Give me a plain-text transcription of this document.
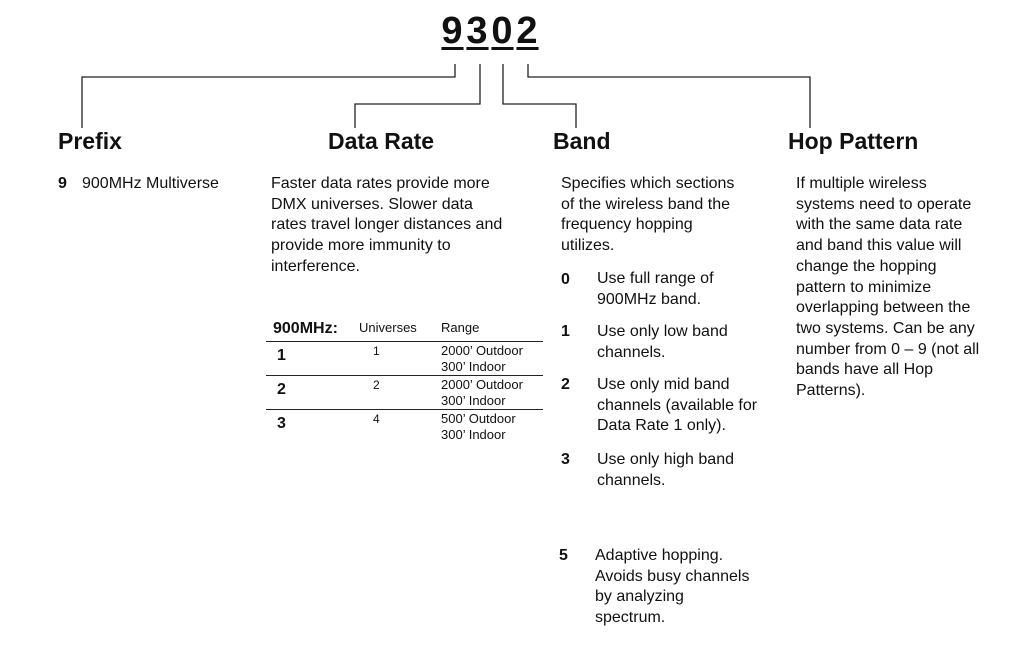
9302
Prefix	Data Rate	Band	Hop Pattern
9 900MHz Multiverse	Faster data rates provide more
DMX universes. Slower data
rates travel longer distances and
provide more immunity to
interference.
900MHz:	Universes	Range
1	1	2000’ Outdoor
300’ Indoor

2	2	2000’ Outdoor
300’ Indoor

3	4	500’ Outdoor
300’ Indoor
Specifies which sections
of the wireless band the
frequency hopping
utilizes.
0 Use full range of
900MHz band.
1 Use only low band
channels.
2 Use only mid band
channels (available for
Data Rate 1 only).
3 Use only high band
channels.
5 Adaptive hopping.
Avoids busy channels
by analyzing
spectrum.
If multiple wireless
systems need to operate
with the same data rate
and band this value will
change the hopping
pattern to minimize
overlapping between the
two systems. Can be any
number from 0 – 9 (not all
bands have all Hop
Patterns).
